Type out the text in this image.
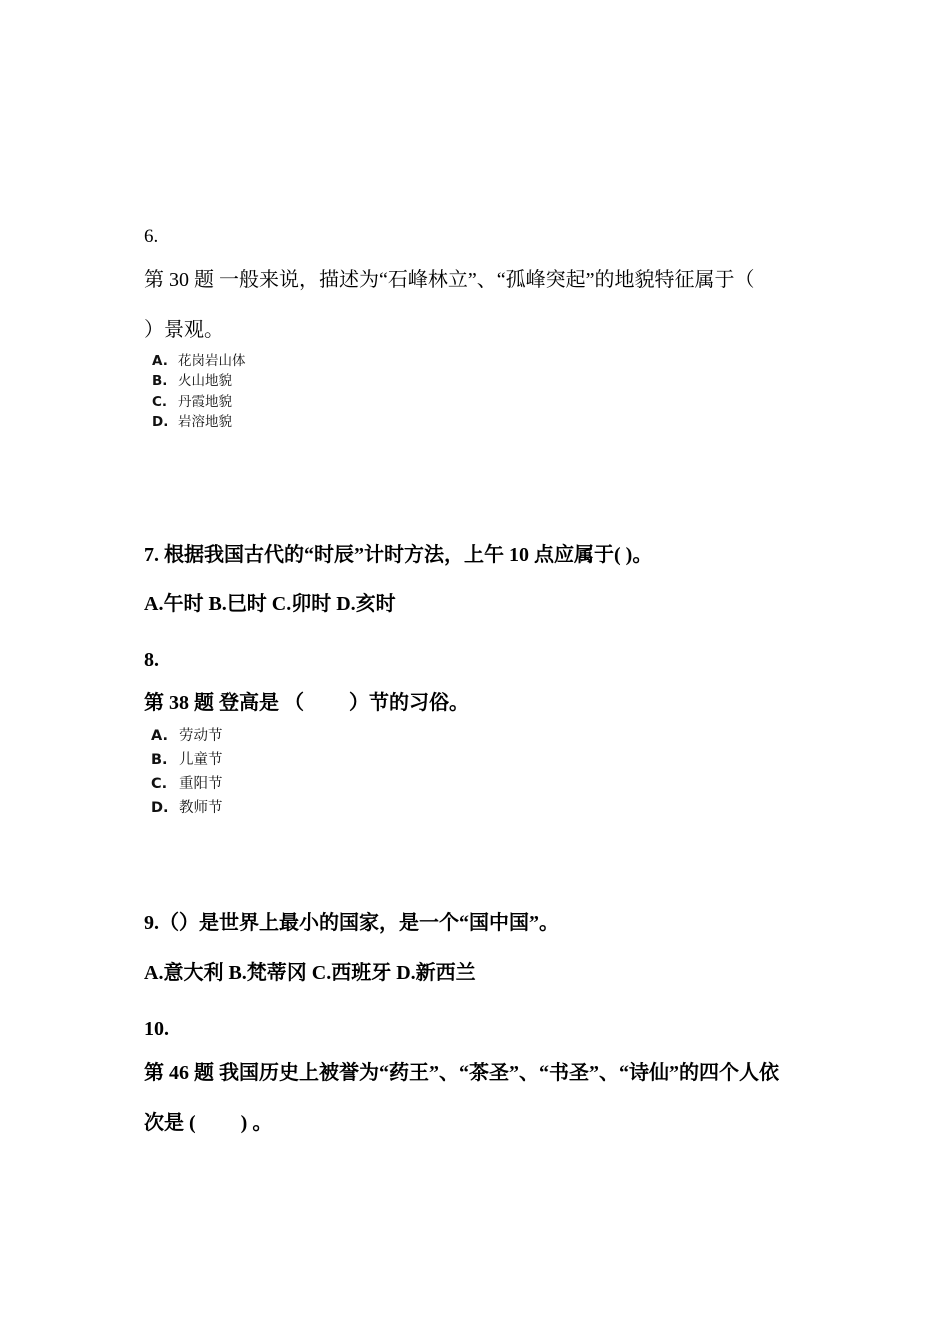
6.
第 30 题 一般来说，描述为“石峰林立”、“孤峰突起”的地貌特征属于（
）景观。
A. 花岗岩山体
B. 火山地貌
C. 丹霞地貌
D. 岩溶地貌
7. 根据我国古代的“时辰”计时方法，上午 10 点应属于( )。
A.午时 B.巳时 C.卯时 D.亥时
8.
第 38 题 登高是 （　　 ）节的习俗。
A. 劳动节
B. 儿童节
C. 重阳节
D. 教师节
9.（）是世界上最小的国家，是一个“国中国”。
A.意大利 B.梵蒂冈 C.西班牙 D.新西兰
10.
第 46 题 我国历史上被誉为“药王”、“茶圣”、“书圣”、“诗仙”的四个人依
次是 (　　 ) 。
